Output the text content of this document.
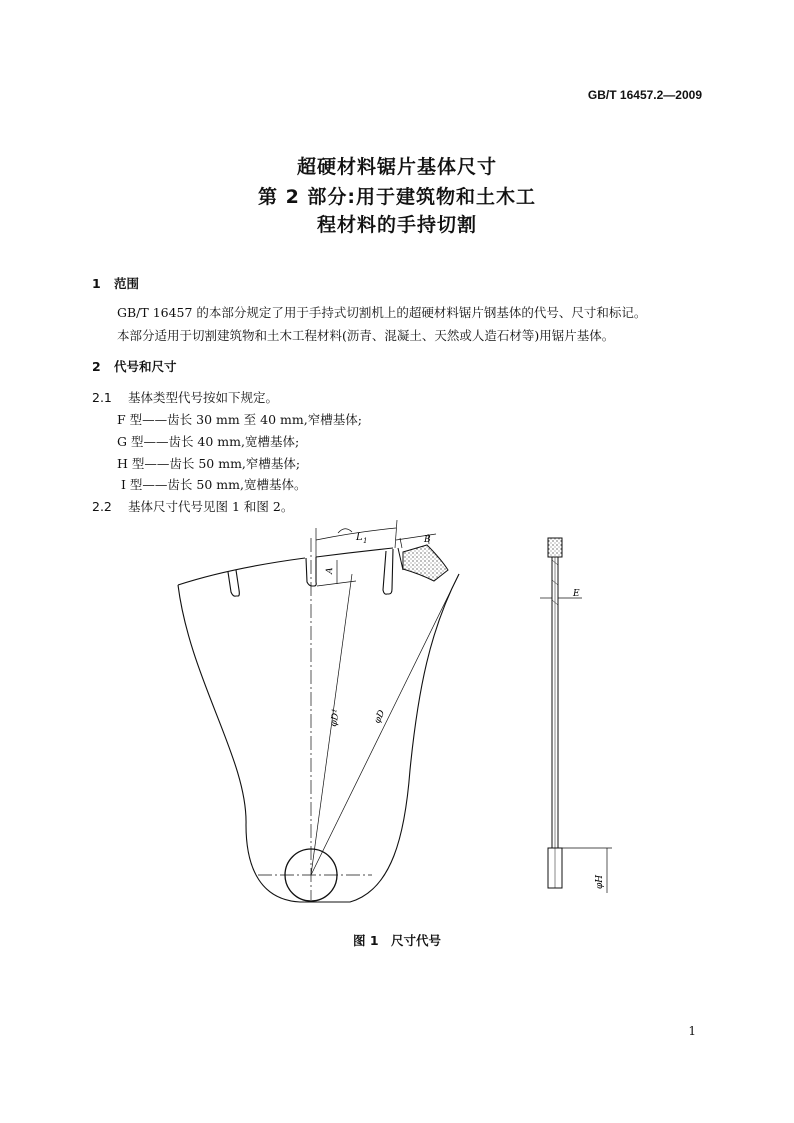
GB/T 16457.2—2009
超硬材料锯片基体尺寸
第 2 部分:用于建筑物和土木工
程材料的手持切割
1 范围
GB/T 16457 的本部分规定了用于手持式切割机上的超硬材料锯片钢基体的代号、尺寸和标记。
本部分适用于切割建筑物和土木工程材料(沥青、混凝土、天然或人造石材等)用锯片基体。
2 代号和尺寸
2.1 基体类型代号按如下规定。
F 型——齿长 30 mm 至 40 mm,窄槽基体;
G 型——齿长 40 mm,宽槽基体;
H 型——齿长 50 mm,窄槽基体;
I 型——齿长 50 mm,宽槽基体。
2.2 基体尺寸代号见图 1 和图 2。
L 1	B
A
φD
1	φD
E
φH
图 1　尺寸代号
1
